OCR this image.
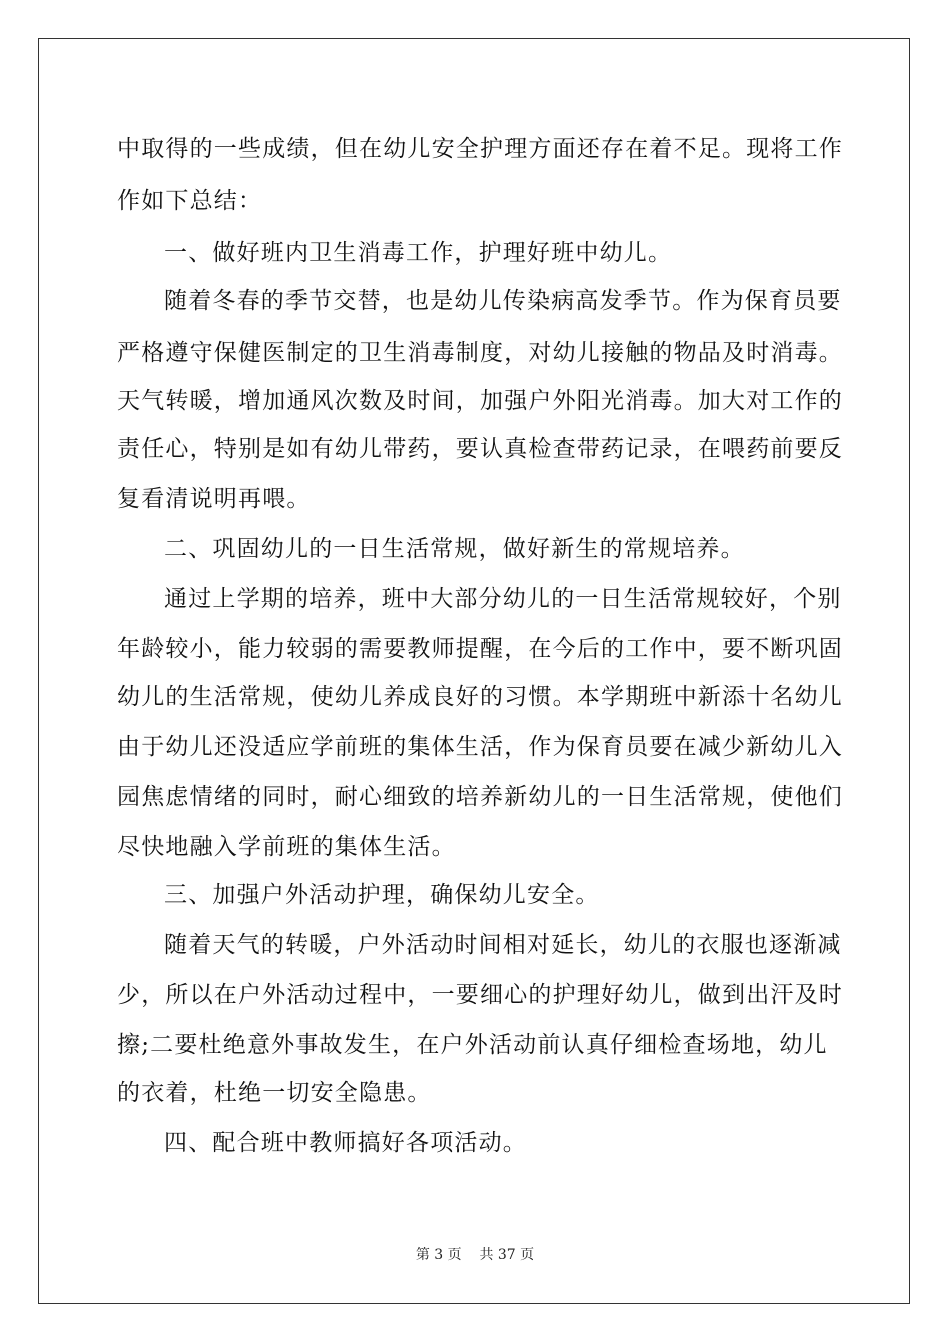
中取得的一些成绩，但在幼儿安全护理方面还存在着不足。现将工作
作如下总结：
一、做好班内卫生消毒工作，护理好班中幼儿。
随着冬春的季节交替，也是幼儿传染病高发季节。作为保育员要
严格遵守保健医制定的卫生消毒制度，对幼儿接触的物品及时消毒。
天气转暖，增加通风次数及时间，加强户外阳光消毒。加大对工作的
责任心，特别是如有幼儿带药，要认真检查带药记录，在喂药前要反
复看清说明再喂。
二、巩固幼儿的一日生活常规，做好新生的常规培养。
通过上学期的培养，班中大部分幼儿的一日生活常规较好，个别
年龄较小，能力较弱的需要教师提醒，在今后的工作中，要不断巩固
幼儿的生活常规，使幼儿养成良好的习惯。本学期班中新添十名幼儿
由于幼儿还没适应学前班的集体生活，作为保育员要在减少新幼儿入
园焦虑情绪的同时，耐心细致的培养新幼儿的一日生活常规，使他们
尽快地融入学前班的集体生活。
三、加强户外活动护理，确保幼儿安全。
随着天气的转暖，户外活动时间相对延长，幼儿的衣服也逐渐减
少，所以在户外活动过程中，一要细心的护理好幼儿，做到出汗及时
擦;二要杜绝意外事故发生，在户外活动前认真仔细检查场地，幼儿
的衣着，杜绝一切安全隐患。
四、配合班中教师搞好各项活动。
第 3 页 共 37 页
